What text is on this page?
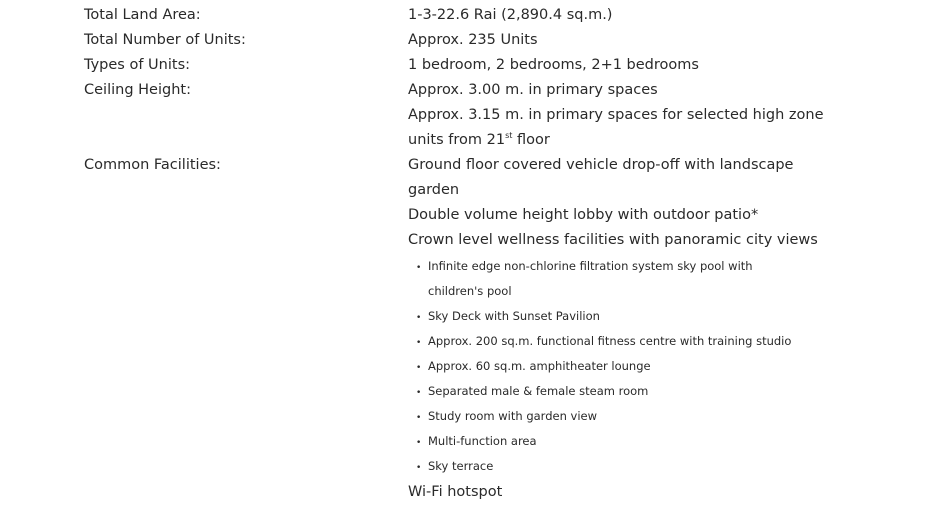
Total Land Area:	1-3-22.6 Rai (2,890.4 sq.m.)
Total Number of Units:	Approx. 235 Units
Types of Units:	1 bedroom, 2 bedrooms, 2+1 bedrooms
Ceiling Height:	Approx. 3.00 m. in primary spaces
Approx. 3.15 m. in primary spaces for selected high zone
units from 21st floor
Common Facilities:	Ground floor covered vehicle drop-off with landscape
garden
Double volume height lobby with outdoor patio*
Crown level wellness facilities with panoramic city views
• Infinite edge non-chlorine filtration system sky pool with
children's pool
• Sky Deck with Sunset Pavilion
• Approx. 200 sq.m. functional fitness centre with training studio
• Approx. 60 sq.m. amphitheater lounge
• Separated male & female steam room
• Study room with garden view
• Multi-function area
• Sky terrace
Wi-Fi hotspot
